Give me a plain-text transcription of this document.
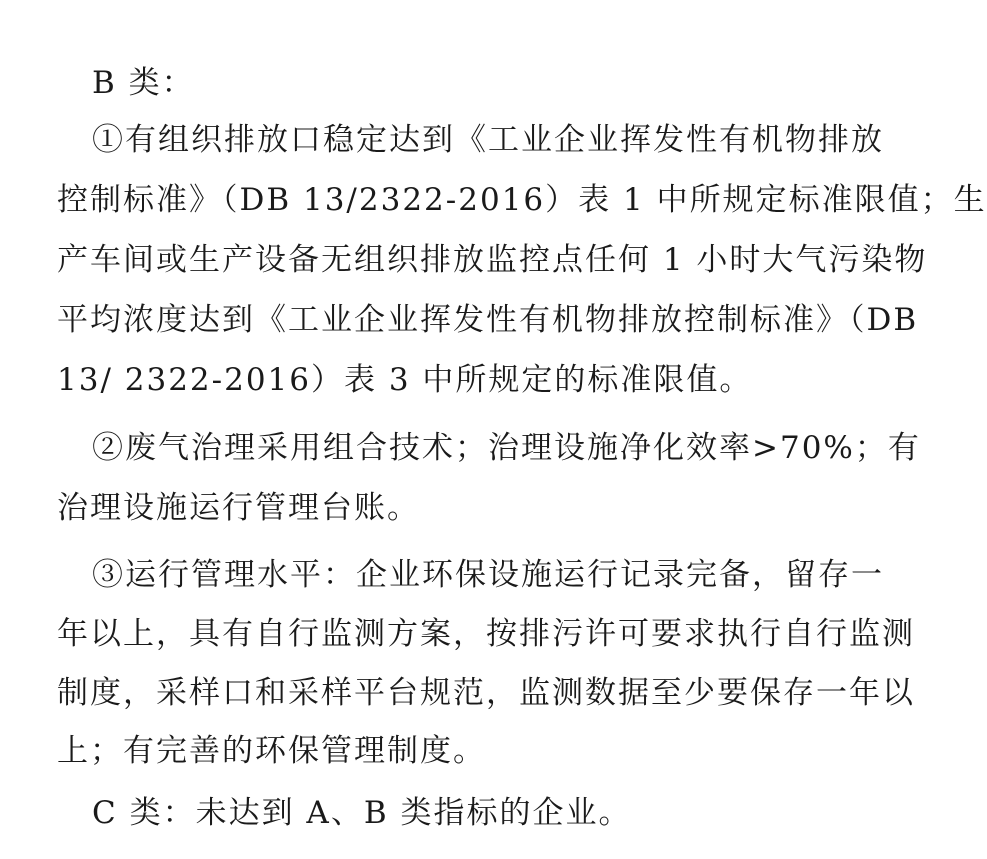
B 类：
①有组织排放口稳定达到《工业企业挥发性有机物排放
控制标准》（DB 13/2322-2016）表 1 中所规定标准限值；生
产车间或生产设备无组织排放监控点任何 1 小时大气污染物
平均浓度达到《工业企业挥发性有机物排放控制标准》（DB
13/ 2322-2016）表 3 中所规定的标准限值。
②废气治理采用组合技术；治理设施净化效率>70%；有
治理设施运行管理台账。
③运行管理水平：企业环保设施运行记录完备，留存一
年以上，具有自行监测方案，按排污许可要求执行自行监测
制度，采样口和采样平台规范，监测数据至少要保存一年以
上；有完善的环保管理制度。
C 类：未达到 A、B 类指标的企业。
